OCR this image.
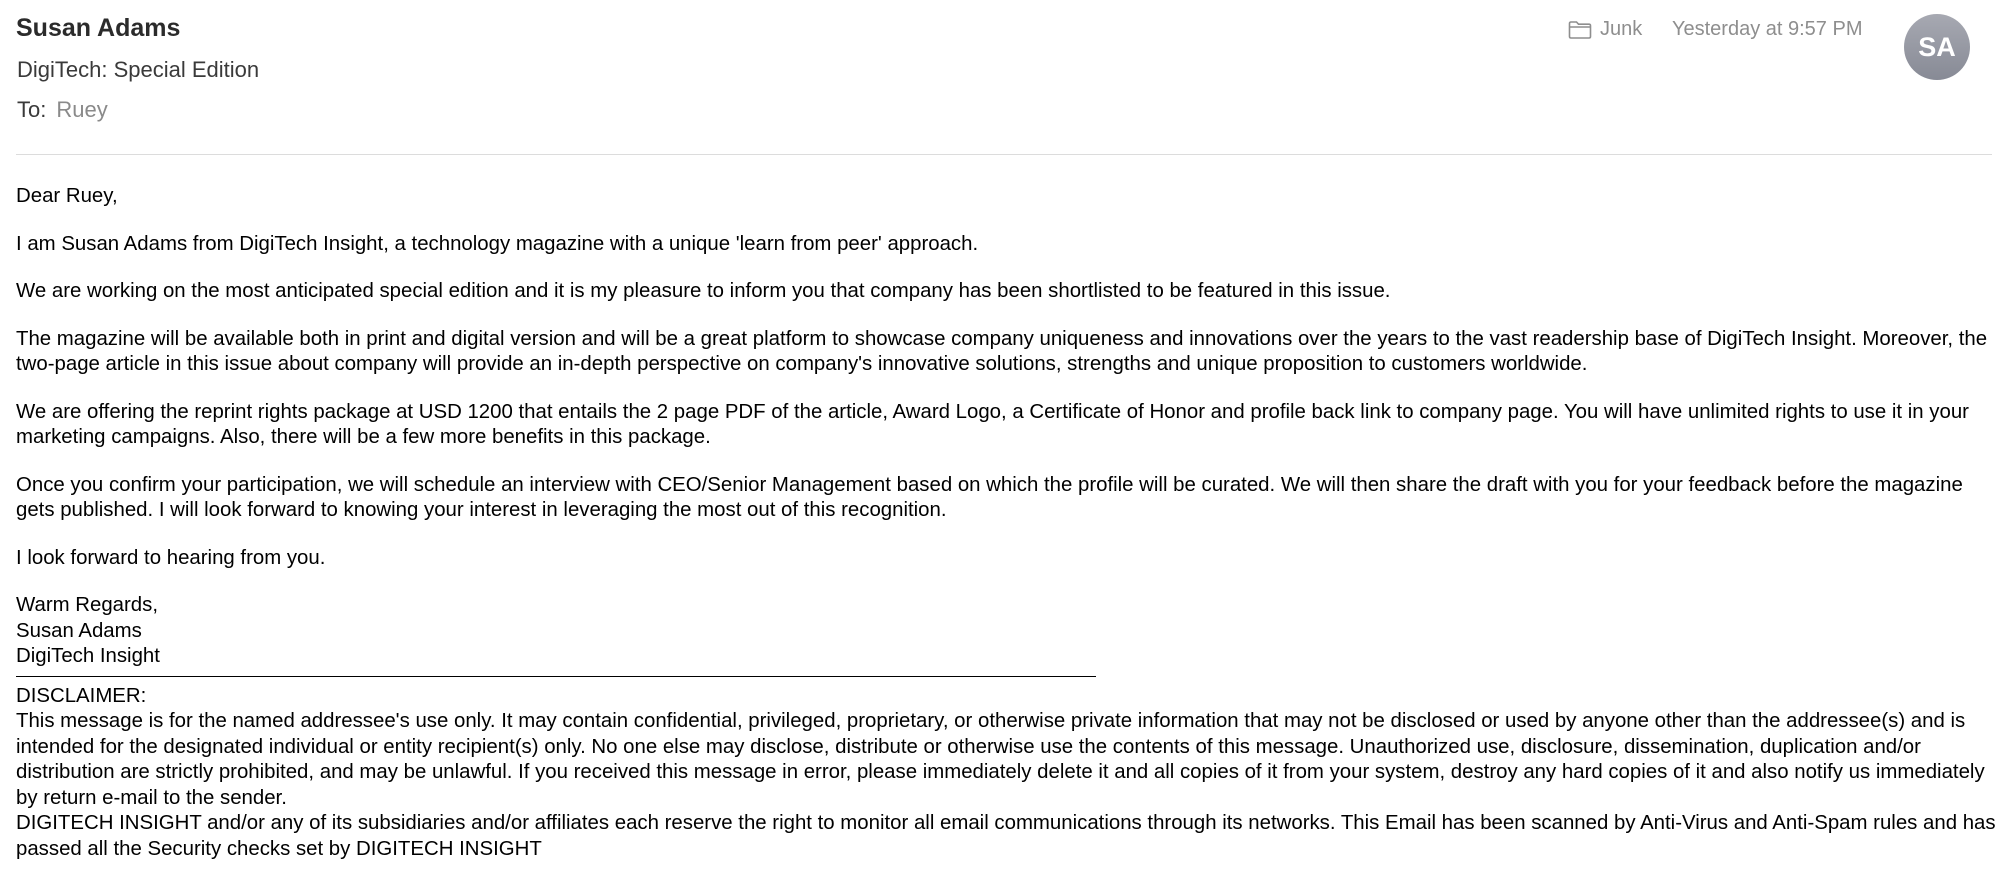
Susan Adams
DigiTech: Special Edition
To: Ruey
Junk Yesterday at 9:57 PM
SA

Dear Ruey,

I am Susan Adams from DigiTech Insight, a technology magazine with a unique 'learn from peer' approach.

We are working on the most anticipated special edition and it is my pleasure to inform you that company has been shortlisted to be featured in this issue.

The magazine will be available both in print and digital version and will be a great platform to showcase company uniqueness and innovations over the years to the vast readership base of DigiTech Insight. Moreover, the two-page article in this issue about company will provide an in-depth perspective on company's innovative solutions, strengths and unique proposition to customers worldwide.

We are offering the reprint rights package at USD 1200 that entails the 2 page PDF of the article, Award Logo, a Certificate of Honor and profile back link to company page. You will have unlimited rights to use it in your marketing campaigns. Also, there will be a few more benefits in this package.

Once you confirm your participation, we will schedule an interview with CEO/Senior Management based on which the profile will be curated. We will then share the draft with you for your feedback before the magazine gets published. I will look forward to knowing your interest in leveraging the most out of this recognition.

I look forward to hearing from you.

Warm Regards,

Susan Adams

DigiTech Insight

DISCLAIMER:

This message is for the named addressee's use only. It may contain confidential, privileged, proprietary, or otherwise private information that may not be disclosed or used by anyone other than the addressee(s) and is intended for the designated individual or entity recipient(s) only. No one else may disclose, distribute or otherwise use the contents of this message. Unauthorized use, disclosure, dissemination, duplication and/or distribution are strictly prohibited, and may be unlawful. If you received this message in error, please immediately delete it and all copies of it from your system, destroy any hard copies of it and also notify us immediately by return e-mail to the sender.

DIGITECH INSIGHT and/or any of its subsidiaries and/or affiliates each reserve the right to monitor all email communications through its networks. This Email has been scanned by Anti-Virus and Anti-Spam rules and has passed all the Security checks set by DIGITECH INSIGHT
